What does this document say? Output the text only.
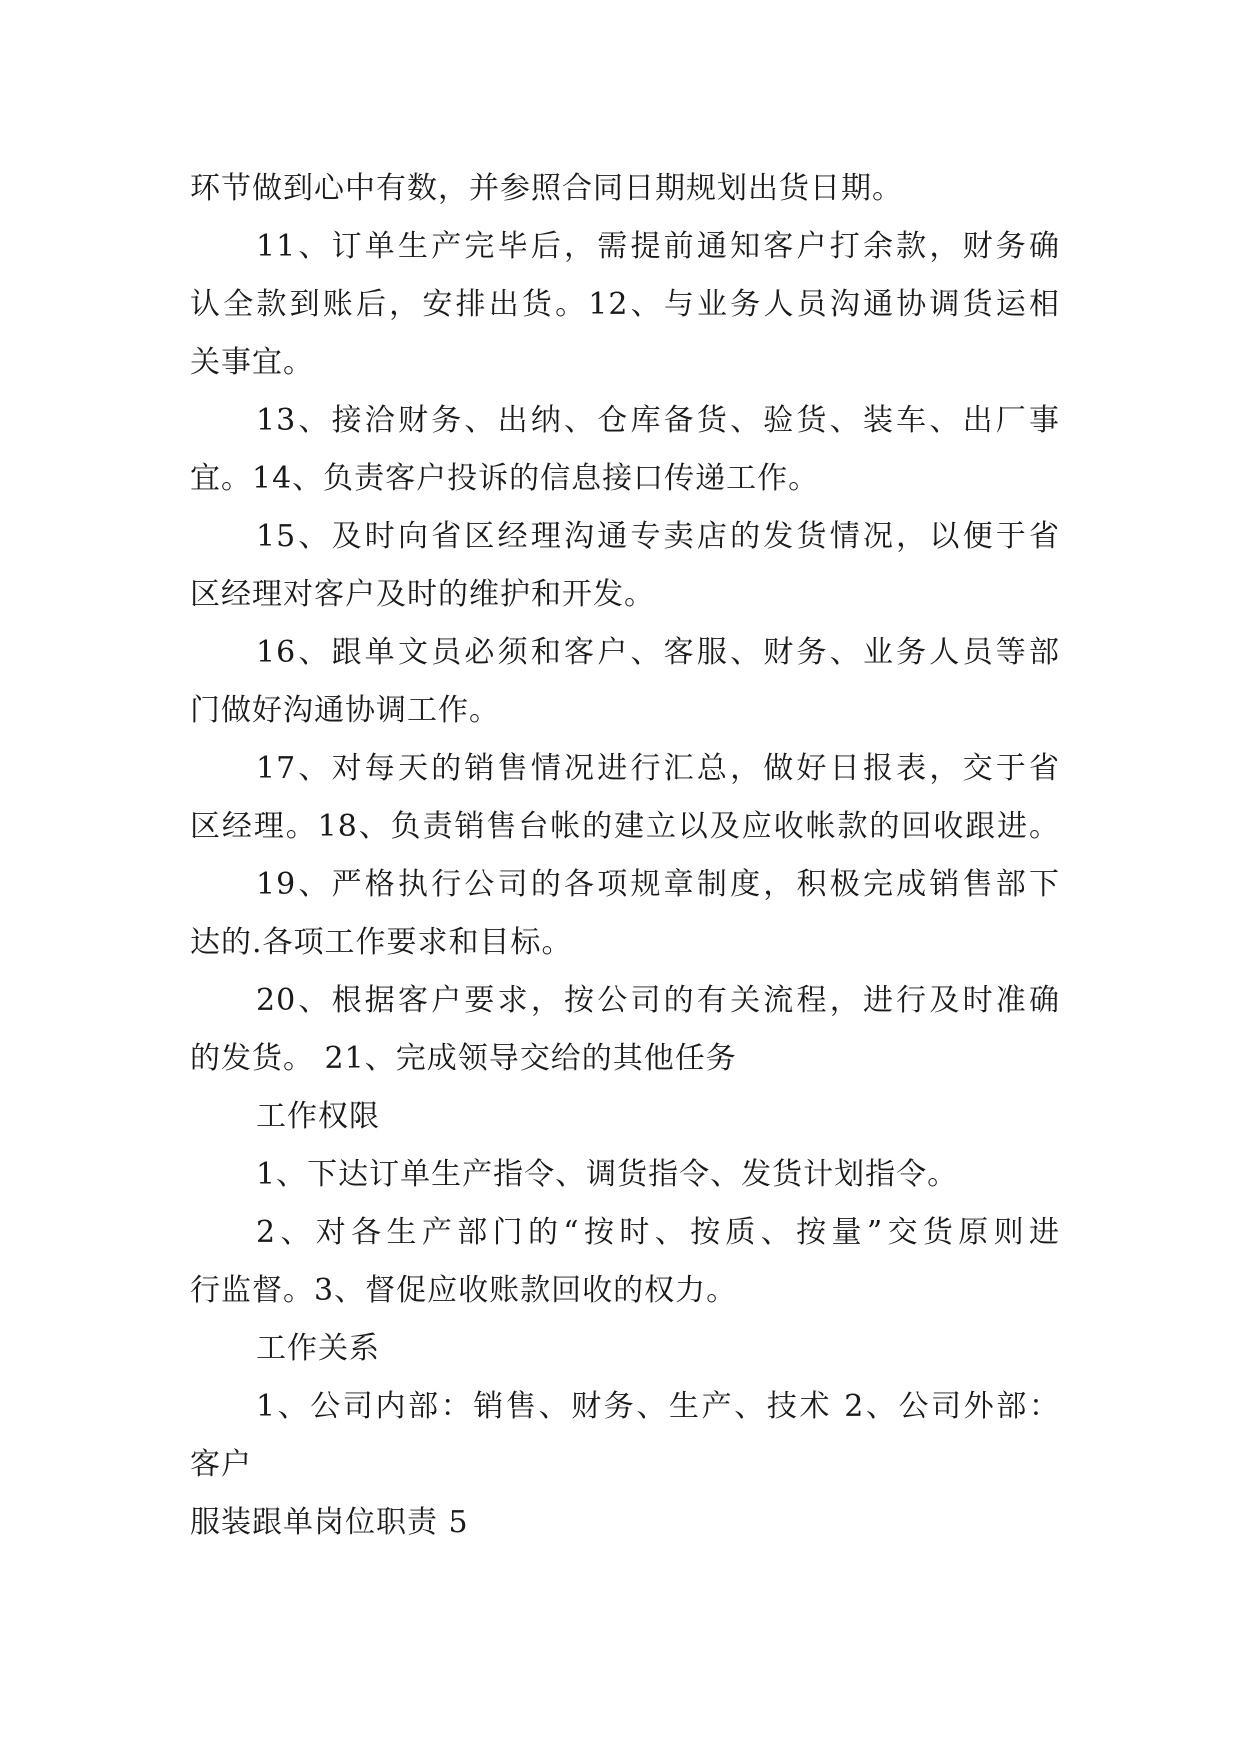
环节做到心中有数，并参照合同日期规划出货日期。
11、订单生产完毕后，需提前通知客户打余款，财务确
认全款到账后，安排出货。12、与业务人员沟通协调货运相
关事宜。
13、接洽财务、出纳、仓库备货、验货、装车、出厂事
宜。14、负责客户投诉的信息接口传递工作。
15、及时向省区经理沟通专卖店的发货情况，以便于省
区经理对客户及时的维护和开发。
16、跟单文员必须和客户、客服、财务、业务人员等部
门做好沟通协调工作。
17、对每天的销售情况进行汇总，做好日报表，交于省
区经理。18、负责销售台帐的建立以及应收帐款的回收跟进。
19、严格执行公司的各项规章制度，积极完成销售部下
达的.各项工作要求和目标。
20、根据客户要求，按公司的有关流程，进行及时准确
的发货。 21、完成领导交给的其他任务
工作权限
1、下达订单生产指令、调货指令、发货计划指令。
2、对各生产部门的“按时、按质、按量”交货原则进
行监督。3、督促应收账款回收的权力。
工作关系
1、公司内部：销售、财务、生产、技术 2、公司外部：
客户
服装跟单岗位职责 5
